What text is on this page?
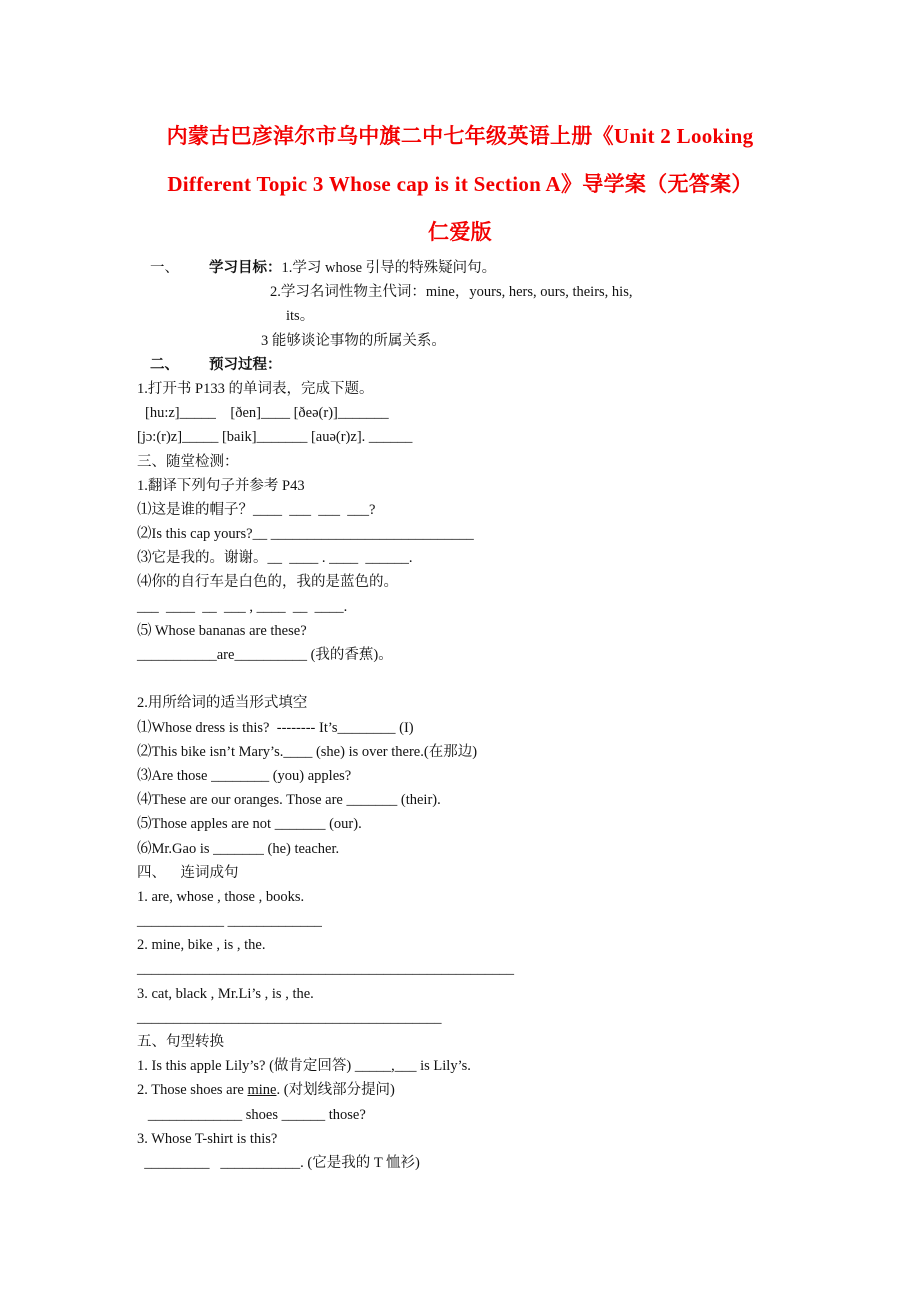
内蒙古巴彦淖尔市乌中旗二中七年级英语上册《Unit 2 Looking
Different Topic 3 Whose cap is it Section A》导学案（无答案）
仁爱版
一、 学习目标：1.学习 whose 引导的特殊疑问句。
2.学习名词性物主代词：mine，yours, hers, ours, theirs, his,
its。
3 能够谈论事物的所属关系。
二、 预习过程：
1.打开书 P133 的单词表，完成下题。
[hu:z]_____    [ðen]____ [ðeə(r)]_______
[jɔ:(r)z]_____ [baik]_______ [auə(r)z]. ______
三、随堂检测：
1.翻译下列句子并参考 P43
⑴这是谁的帽子？____  ___  ___  ___?
⑵Is this cap yours?__ ____________________________
⑶它是我的。谢谢。__  ____ . ____  ______.
⑷你的自行车是白色的，我的是蓝色的。
___  ____  __  ___ , ____  __  ____.
⑸ Whose bananas are these?
___________are__________ (我的香蕉)。
2.用所给词的适当形式填空
⑴Whose dress is this?  -------- It’s________ (I)
⑵This bike isn’t Mary’s.____ (she) is over there.(在那边)
⑶Are those ________ (you) apples?
⑷These are our oranges. Those are _______ (their).
⑸Those apples are not _______ (our).
⑹Mr.Gao is _______ (he) teacher.
四、    连词成句
1. are, whose , those , books.
____________ _____________
2. mine, bike , is , the.
____________________________________________________
3. cat, black , Mr.Li’s , is , the.
__________________________________________
五、句型转换
1. Is this apple Lily’s? (做肯定回答) _____,___ is Lily’s.
2. Those shoes are mine. (对划线部分提问)
_____________ shoes ______ those?
3. Whose T-shirt is this?
_________   ___________. (它是我的 T 恤衫)
